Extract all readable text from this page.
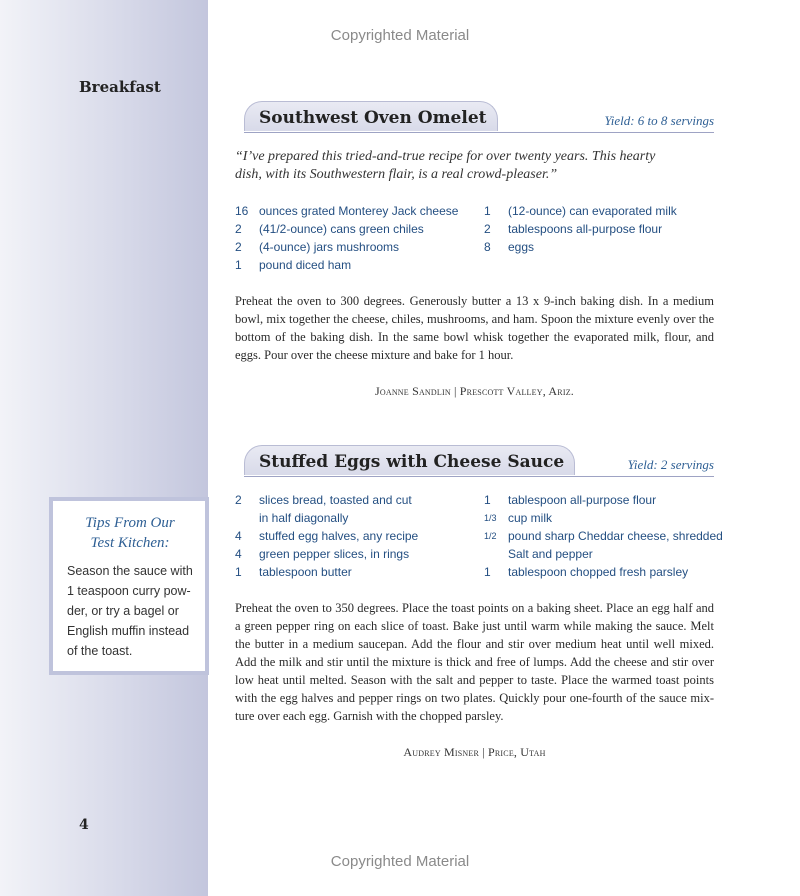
Copyrighted Material
Breakfast
Southwest Oven Omelet	Yield: 6 to 8 servings
“I’ve prepared this tried-and-true recipe for over twenty years. This hearty
dish, with its Southwestern flair, is a real crowd-pleaser.”
16 ounces grated Monterey Jack cheese
2 (41/2-ounce) cans green chiles
2 (4-ounce) jars mushrooms
1 pound diced ham
1 (12-ounce) can evaporated milk
2 tablespoons all-purpose flour
8 eggs
Preheat the oven to 300 degrees. Generously butter a 13 x 9-inch baking dish. In a medium
bowl, mix together the cheese, chiles, mushrooms, and ham. Spoon the mixture evenly over the
bottom of the baking dish. In the same bowl whisk together the evaporated milk, flour, and
eggs. Pour over the cheese mixture and bake for 1 hour.
Joanne Sandlin | Prescott Valley, Ariz.
Stuffed Eggs with Cheese Sauce	Yield: 2 servings
2 slices bread, toasted and cut
in half diagonally
4 stuffed egg halves, any recipe
4 green pepper slices, in rings
1 tablespoon butter
1 tablespoon all-purpose flour
1/3 cup milk
1/2 pound sharp Cheddar cheese, shredded
Salt and pepper
1 tablespoon chopped fresh parsley
Preheat the oven to 350 degrees. Place the toast points on a baking sheet. Place an egg half and
a green pepper ring on each slice of toast. Bake just until warm while making the sauce. Melt
the butter in a medium saucepan. Add the flour and stir over medium heat until well mixed.
Add the milk and stir until the mixture is thick and free of lumps. Add the cheese and stir over
low heat until melted. Season with the salt and pepper to taste. Place the warmed toast points
with the egg halves and pepper rings on two plates. Quickly pour one-fourth of the sauce mix-
ture over each egg. Garnish with the chopped parsley.
Audrey Misner | Price, Utah
Tips From Our
Test Kitchen:
Season the sauce with
1 teaspoon curry pow-
der, or try a bagel or
English muffin instead
of the toast.
4
Copyrighted Material
